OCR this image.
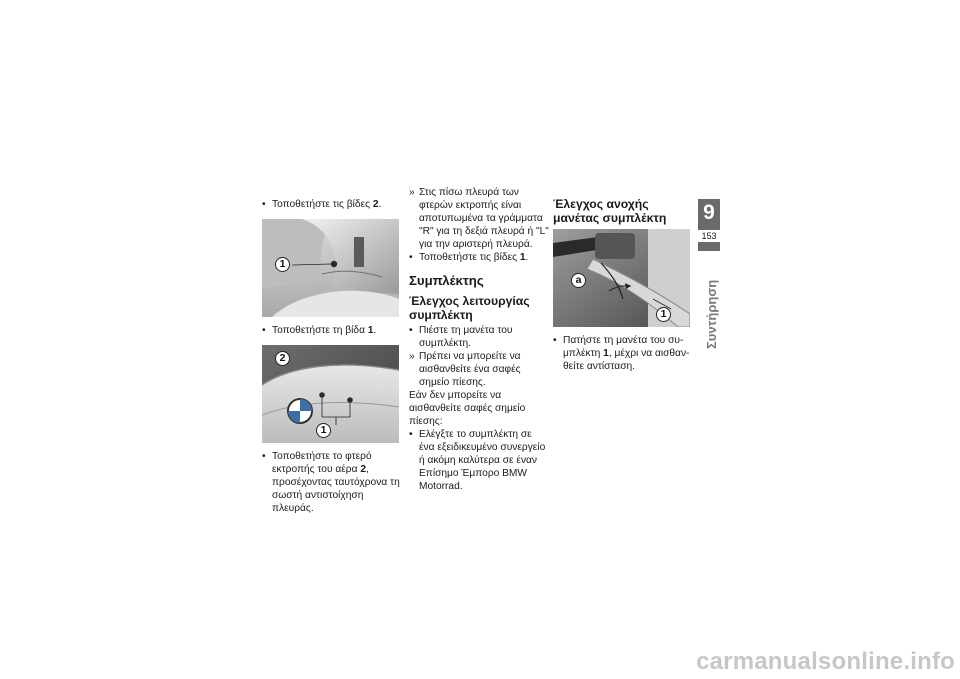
• Τοποθετήστε τις βίδες 2.

1

• Τοποθετήστε τη βίδα 1.

2
1

• Τοποθετήστε το φτερό εκτροπής του αέρα 2, προσέχοντας ταυτόχρονα τη σωστή αντιστοίχηση πλευράς.

» Στις πίσω πλευρά των φτερών εκτροπής είναι αποτυπωμένα τα γράμματα "R" για τη δεξιά πλευρά ή "L" για την αριστερή πλευρά.

• Τοποθετήστε τις βίδες 1.

Συμπλέκτης
Έλεγχος λειτουργίας συμπλέκτη

• Πιέστε τη μανέτα του συμπλέκτη.

» Πρέπει να μπορείτε να αισθανθείτε ένα σαφές σημείο πίεσης.

Εάν δεν μπορείτε να αισθανθείτε σαφές σημείο πίεσης:

• Ελέγξτε το συμπλέκτη σε ένα εξειδικευμένο συνεργείο ή ακόμη καλύτερα σε έναν Επίσημο Έμπορο BMW Motorrad.

Έλεγχος ανοχής μανέτας συμπλέκτη
a
1

• Πατήστε τη μανέτα του συμπλέκτη 1, μέχρι να αισθανθείτε αντίσταση.

9
153
Συντήρηση
carmanualsonline.info
